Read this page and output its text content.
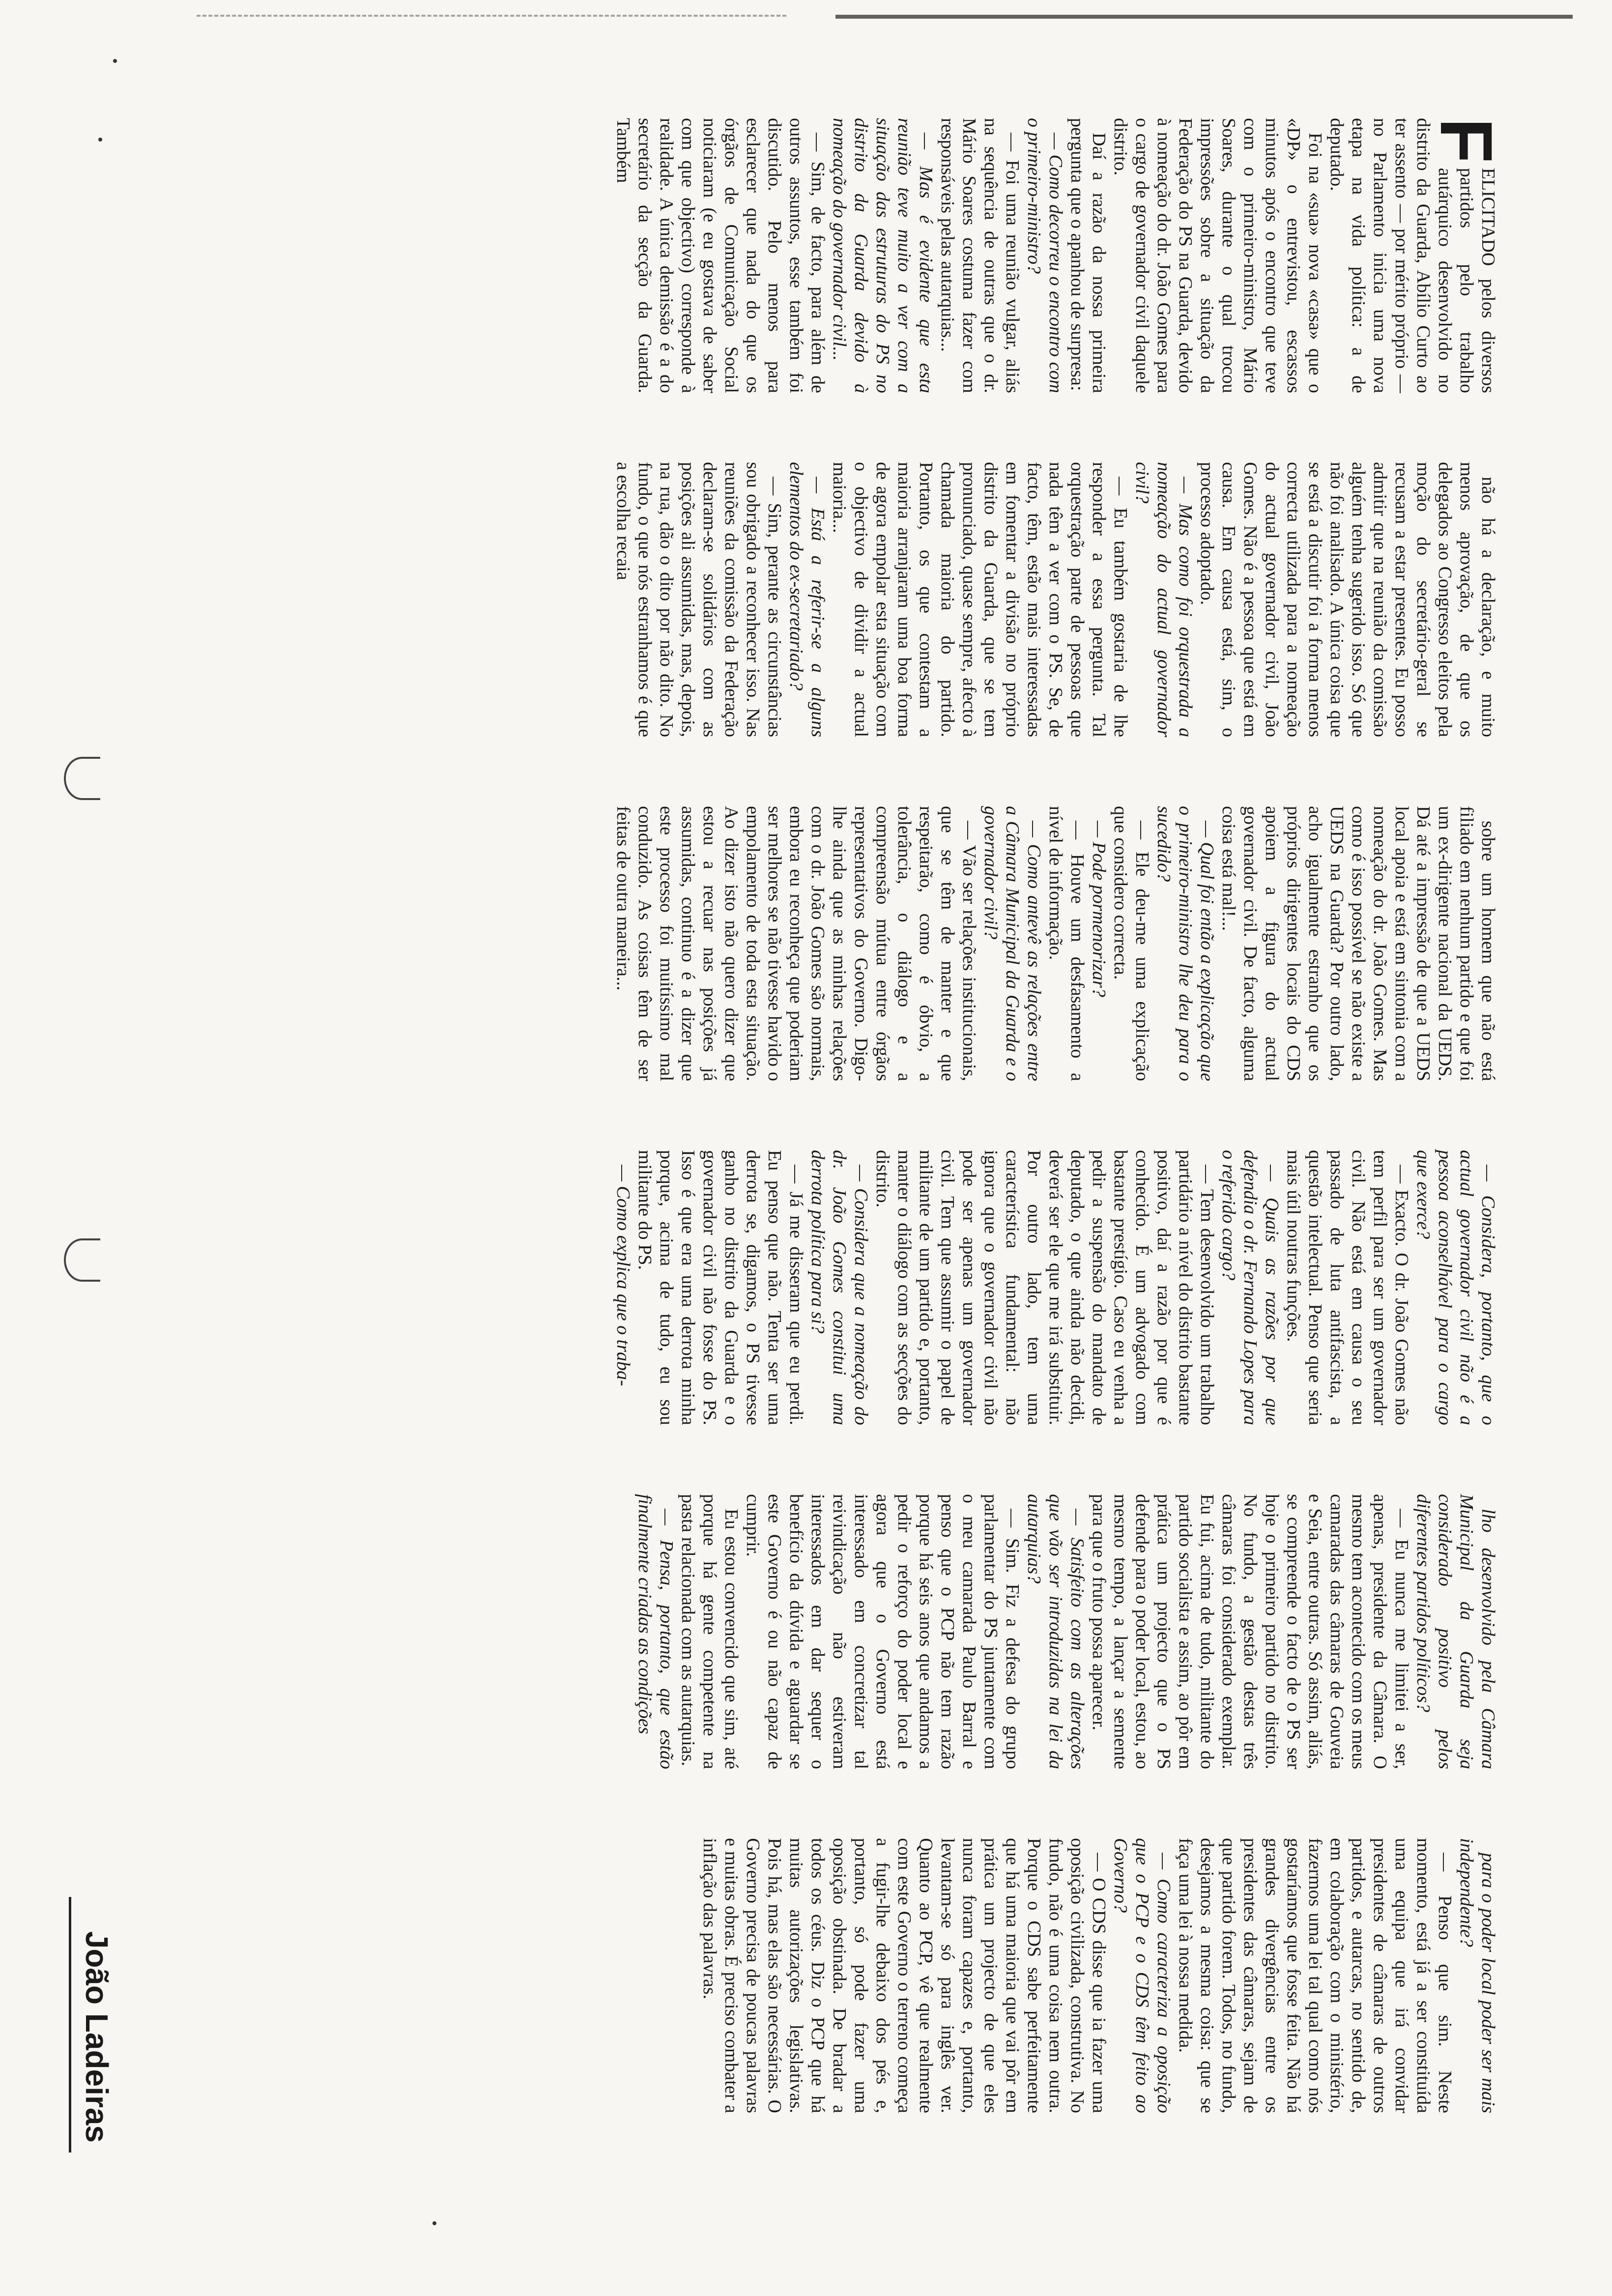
F
ELICITADO pelos diversos partidos pelo trabalho autárquico desenvolvido no distrito da Guarda, Abílio Curto ao ter assento — por mérito próprio — no Parlamento inicia uma nova etapa na vida política: a de deputado.

Foi na «sua» nova «casa» que o «DP» o entrevistou, escassos minutos após o encontro que teve com o primeiro-ministro, Mário Soares, durante o qual trocou impressões sobre a situação da Federação do PS na Guarda, devido à nomeação do dr. João Gomes para o cargo de governador civil daquele distrito.

Daí a razão da nossa primeira pergunta que o apanhou de surpresa:

— Como decorreu o encontro com o primeiro-ministro?

— Foi uma reunião vulgar, aliás na sequência de outras que o dr. Mário Soares costuma fazer com responsáveis pelas autarquias...

— Mas é evidente que esta reunião teve muito a ver com a situação das estruturas do PS no distrito da Guarda devido à nomeação do governador civil...

— Sim, de facto, para além de outros assuntos, esse também foi discutido. Pelo menos para esclarecer que nada do que os órgãos de Comunicação Social noticiaram (e eu gostava de saber com que objectivo) corresponde à realidade. A única demissão é a do secretário da secção da Guarda. Também

não há a declaração, e muito menos aprovação, de que os delegados ao Congresso eleitos pela moção do secretário-geral se recusam a estar presentes. Eu posso admitir que na reunião da comissão alguém tenha sugerido isso. Só que não foi analisado. A única coisa que se está a discutir foi a forma menos correcta utilizada para a nomeação do actual governador civil, João Gomes. Não é a pessoa que está em causa. Em causa está, sim, o processo adoptado.

— Mas como foi orquestrada a nomeação do actual governador civil?

— Eu também gostaria de lhe responder a essa pergunta. Tal orquestração parte de pessoas que nada têm a ver com o PS. Se, de facto, têm, estão mais interessadas em fomentar a divisão no próprio distrito da Guarda, que se tem pronunciado, quase sempre, afecto à chamada maioria do partido. Portanto, os que contestam a maioria arranjaram uma boa forma de agora empolar esta situação com o objectivo de dividir a actual maioria...

— Está a referir-se a alguns elementos do ex-secretariado?

— Sim, perante as circunstâncias sou obrigado a reconhecer isso. Nas reuniões da comissão da Federação declaram-se solidários com as posições ali assumidas, mas, depois, na rua, dão o dito por não dito. No fundo, o que nós estranhamos é que a escolha recaia

sobre um homem que não está filiado em nenhum partido e que foi um ex-dirigente nacional da UEDS. Dá até a impressão de que a UEDS local apoia e está em sintonia com a nomeação do dr. João Gomes. Mas como é isso possível se não existe a UEDS na Guarda? Por outro lado, acho igualmente estranho que os próprios dirigentes locais do CDS apoiem a figura do actual governador civil. De facto, alguma coisa está mal!...

— Qual foi então a explicação que o primeiro-ministro lhe deu para o sucedido?

— Ele deu-me uma explicação que considero correcta.

— Pode pormenorizar?

— Houve um desfasamento a nível de informação.

— Como antevê as relações entre a Câmara Municipal da Guarda e o governador civil?

— Vão ser relações institucionais, que se têm de manter e que respeitarão, como é óbvio, a tolerância, o diálogo e a compreensão mútua entre órgãos representativos do Governo. Digo-lhe ainda que as minhas relações com o dr. João Gomes são normais, embora eu reconheça que poderiam ser melhores se não tivesse havido o empolamento de toda esta situação. Ao dizer isto não quero dizer que estou a recuar nas posições já assumidas, continuo é a dizer que este processo foi muitíssimo mal conduzido. As coisas têm de ser feitas de outra maneira...

— Considera, portanto, que o actual governador civil não é a pessoa aconselhável para o cargo que exerce?

— Exacto. O dr. João Gomes não tem perfil para ser um governador civil. Não está em causa o seu passado de luta antifascista, a questão intelectual. Penso que seria mais útil noutras funções.

— Quais as razões por que defendia o dr. Fernando Lopes para o referido cargo?

— Tem desenvolvido um trabalho partidário a nível do distrito bastante positivo, daí a razão por que é conhecido. É um advogado com bastante prestígio. Caso eu venha a pedir a suspensão do mandato de deputado, o que ainda não decidi, deverá ser ele que me irá substituir. Por outro lado, tem uma característica fundamental: não ignora que o governador civil não pode ser apenas um governador civil. Tem que assumir o papel de militante de um partido e, portanto, manter o diálogo com as secções do distrito.

— Considera que a nomeação do dr. João Gomes constitui uma derrota política para si?

— Já me disseram que eu perdi. Eu penso que não. Tenta ser uma derrota se, digamos, o PS tivesse ganho no distrito da Guarda e o governador civil não fosse do PS. Isso é que era uma derrota minha porque, acima de tudo, eu sou militante do PS.

— Como explica que o traba-

lho desenvolvido pela Câmara Municipal da Guarda seja considerado positivo pelos diferentes partidos políticos?

— Eu nunca me limitei a ser, apenas, presidente da Câmara. O mesmo tem acontecido com os meus camaradas das câmaras de Gouveia e Seia, entre outras. Só assim, aliás, se compreende o facto de o PS ser hoje o primeiro partido no distrito. No fundo, a gestão destas três câmaras foi considerado exemplar. Eu fui, acima de tudo, militante do partido socialista e assim, ao pôr em prática um projecto que o PS defende para o poder local, estou, ao mesmo tempo, a lançar a semente para que o fruto possa aparecer.

— Satisfeito com as alterações que vão ser introduzidas na lei da autarquias?

— Sim. Fiz a defesa do grupo parlamentar do PS juntamente com o meu camarada Paulo Barral e penso que o PCP não tem razão porque há seis anos que andamos a pedir o reforço do poder local e agora que o Governo está interessado em concretizar tal reivindicação não estiveram interessados em dar sequer o benefício da dúvida e aguardar se este Governo é ou não capaz de cumprir.

Eu estou convencido que sim, até porque há gente competente na pasta relacionada com as autarquias.

— Pensa, portanto, que estão finalmente criadas as condições

para o poder local poder ser mais independente?

— Penso que sim. Neste momento, está já a ser constituída uma equipa que irá convidar presidentes de câmaras de outros partidos, e autarcas, no sentido de, em colaboração com o ministério, fazermos uma lei tal qual como nós gostaríamos que fosse feita. Não há grandes divergências entre os presidentes das câmaras, sejam de que partido forem. Todos, no fundo, desejamos a mesma coisa: que se faça uma lei à nossa medida.

— Como caracteriza a oposição que o PCP e o CDS têm feito ao Governo?

— O CDS disse que ia fazer uma oposição civilizada, construtiva. No fundo, não é uma coisa nem outra. Porque o CDS sabe perfeitamente que há uma maioria que vai pôr em prática um projecto de que eles nunca foram capazes e, portanto, levantam-se só para inglês ver. Quanto ao PCP, vê que realmente com este Governo o terreno começa a fugir-lhe debaixo dos pés e, portanto, só pode fazer uma oposição obstinada. De bradar a todos os céus. Diz o PCP que há muitas autorizações legislativas. Pois há, mas elas são necessárias. O Governo precisa de poucas palavras e muitas obras. É preciso combater a inflação das palavras.

João Ladeiras
